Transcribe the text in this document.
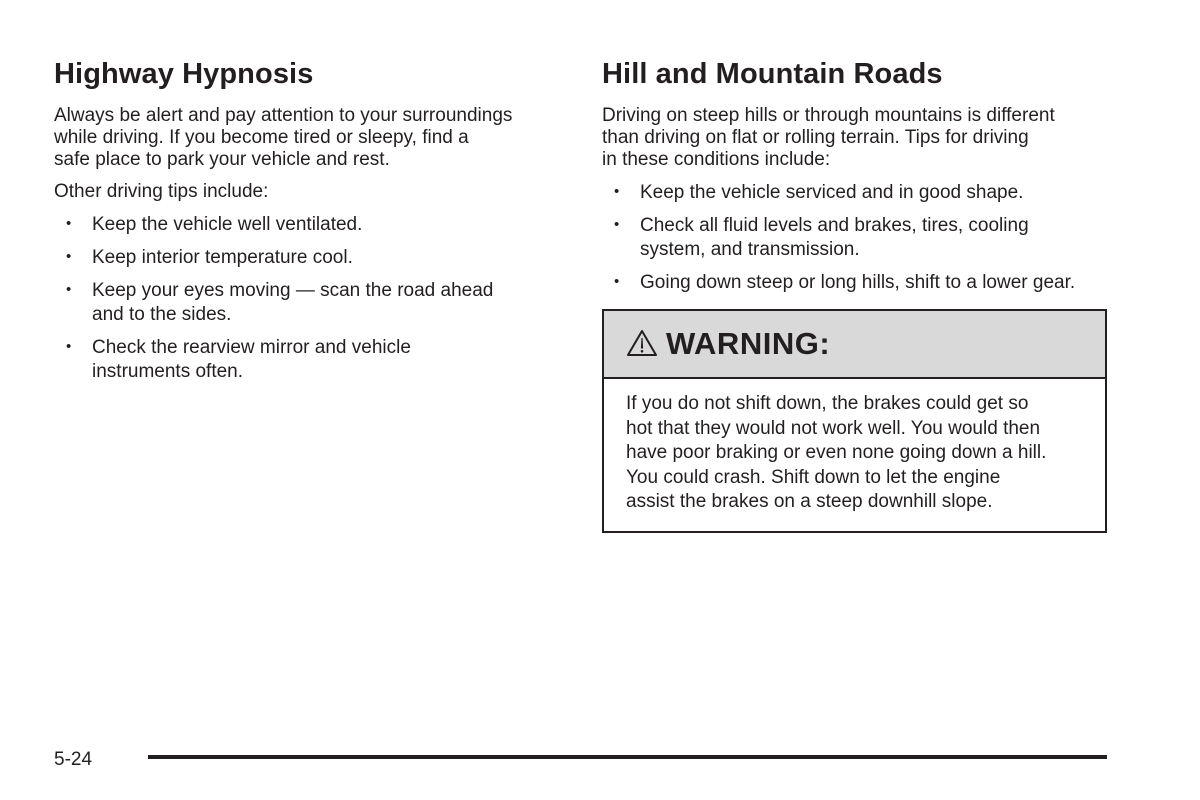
Highway Hypnosis

Always be alert and pay attention to your surroundings
while driving. If you become tired or sleepy, find a
safe place to park your vehicle and rest.

Other driving tips include:

• Keep the vehicle well ventilated.
• Keep interior temperature cool.
• Keep your eyes moving — scan the road ahead
and to the sides.
• Check the rearview mirror and vehicle
instruments often.
Hill and Mountain Roads

Driving on steep hills or through mountains is different
than driving on flat or rolling terrain. Tips for driving
in these conditions include:

• Keep the vehicle serviced and in good shape.
• Check all fluid levels and brakes, tires, cooling
system, and transmission.
• Going down steep or long hills, shift to a lower gear.
WARNING:
If you do not shift down, the brakes could get so
hot that they would not work well. You would then
have poor braking or even none going down a hill.
You could crash. Shift down to let the engine
assist the brakes on a steep downhill slope.
5-24
